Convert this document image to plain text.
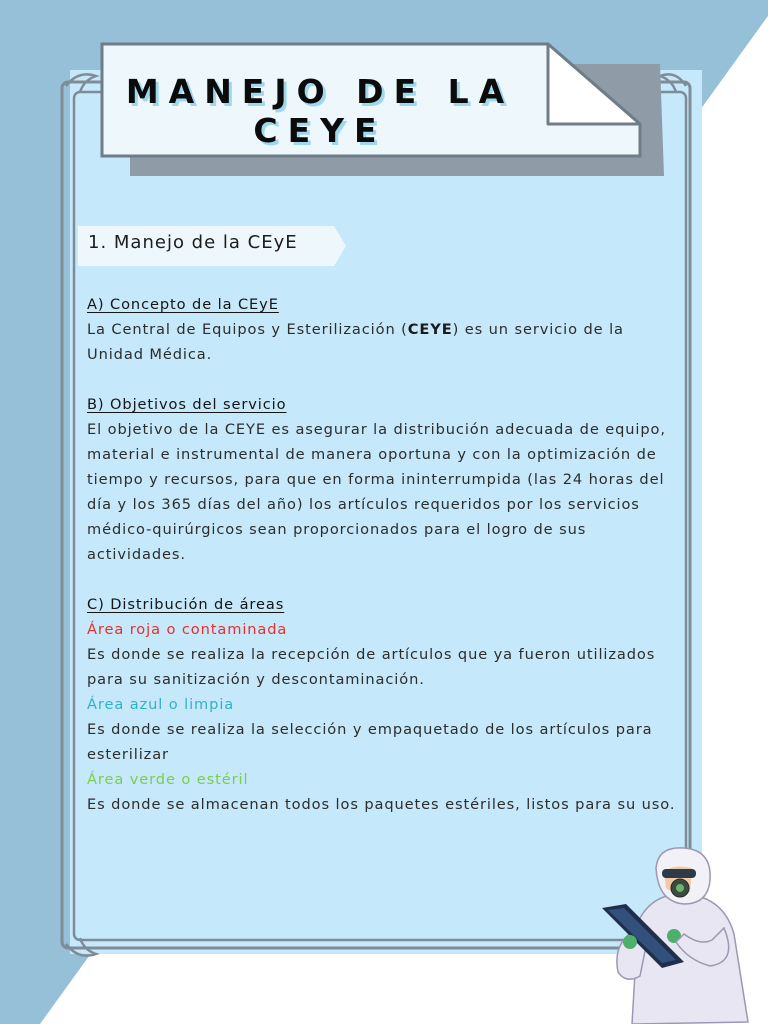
MANEJO DE LA CEYE
1. Manejo de la CEyE

A) Concepto de la CEyE

La Central de Equipos y Esterilización (CEYE) es un servicio de la Unidad Médica.

B) Objetivos del servicio

El objetivo de la CEYE es asegurar la distribución adecuada de equipo, material e instrumental de manera oportuna y con la optimización de tiempo y recursos, para que en forma ininterrumpida (las 24 horas del día y los 365 días del año) los artículos requeridos por los servicios médico-quirúrgicos sean proporcionados para el logro de sus actividades.

C) Distribución de áreas

Área roja o contaminada

Es donde se realiza la recepción de artículos que ya fueron utilizados para su sanitización y descontaminación.

Área azul o limpia

Es donde se realiza la selección y empaquetado de los artículos para esterilizar

Área verde o estéril

Es donde se almacenan todos los paquetes estériles, listos para su uso.
